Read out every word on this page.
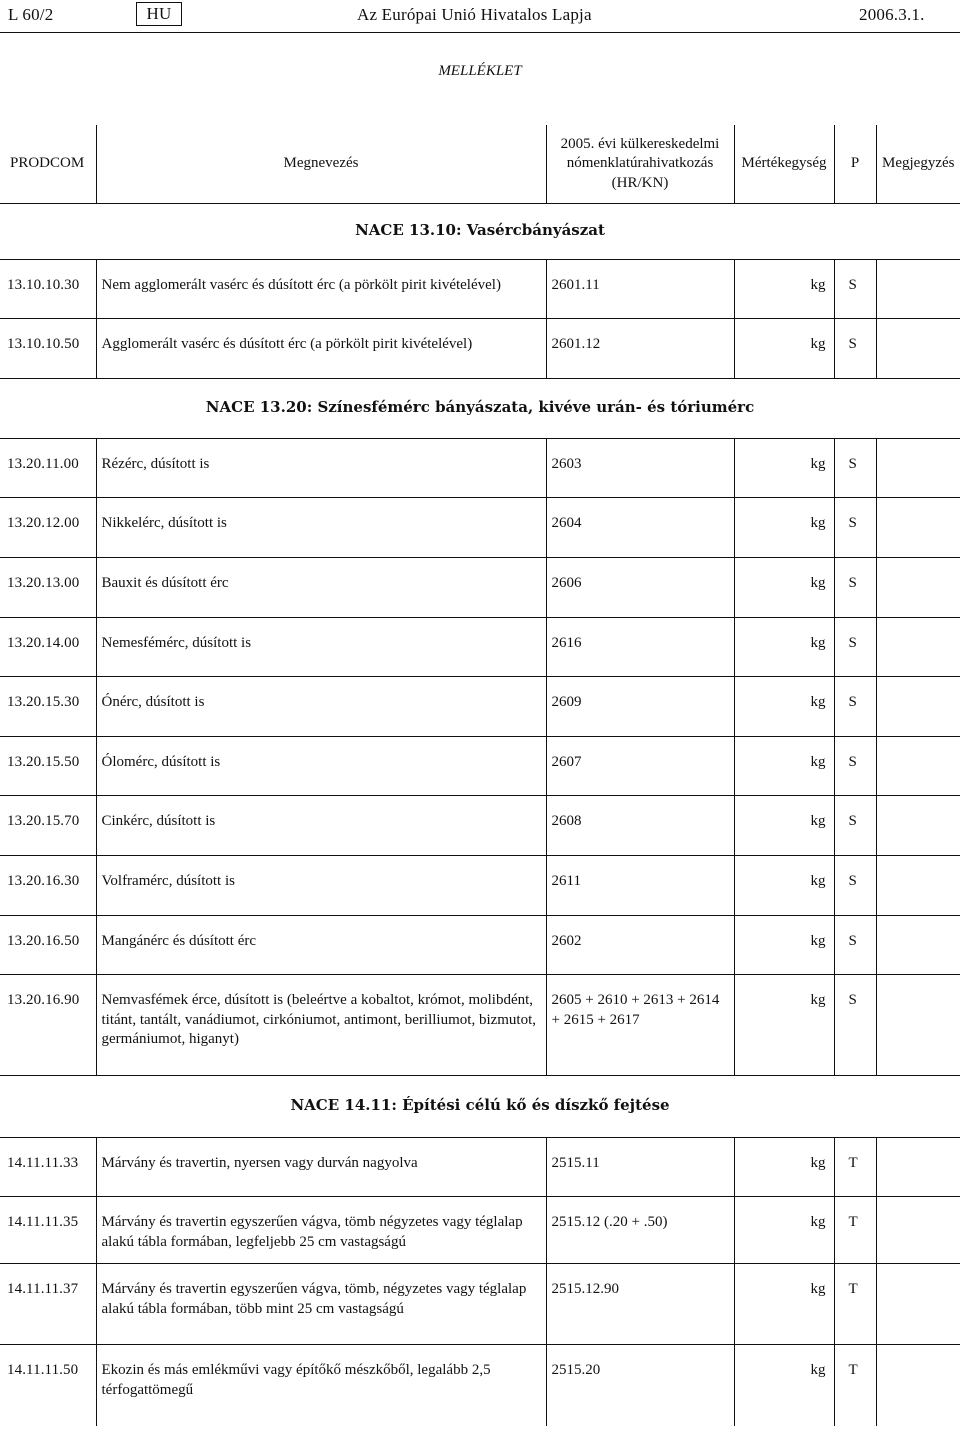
L 60/2	HU	Az Európai Unió Hivatalos Lapja	2006.3.1.
MELLÉKLET
PRODCOM	Megnevezés	2005. évi külkereskedelmi
nómenklatúrahivatkozás
(HR/KN)	Mértékegység	P	Megjegyzés
NACE 13.10: Vasércbányászat					
13.10.10.30	Nem agglomerált vasérc és dúsított érc (a pörkölt pirit kivételével)	2601.11	kg	S	
13.10.10.50	Agglomerált vasérc és dúsított érc (a pörkölt pirit kivételével)	2601.12	kg	S	
NACE 13.20: Színesfémérc bányászata, kivéve urán- és tóriumérc					
13.20.11.00	Rézérc, dúsított is	2603	kg	S	
13.20.12.00	Nikkelérc, dúsított is	2604	kg	S	
13.20.13.00	Bauxit és dúsított érc	2606	kg	S	
13.20.14.00	Nemesfémérc, dúsított is	2616	kg	S	
13.20.15.30	Ónérc, dúsított is	2609	kg	S	
13.20.15.50	Ólomérc, dúsított is	2607	kg	S	
13.20.15.70	Cinkérc, dúsított is	2608	kg	S	
13.20.16.30	Volframérc, dúsított is	2611	kg	S	
13.20.16.50	Mangánérc és dúsított érc	2602	kg	S	
13.20.16.90	Nemvasfémek érce, dúsított is (beleértve a kobaltot, krómot, molibdént, titánt, tantált, vanádiumot, cirkóniumot, antimont, berilliumot, bizmutot, germániumot, higanyt)	2605 + 2610 + 2613 + 2614 + 2615 + 2617	kg	S	
NACE 14.11: Építési célú kő és díszkő fejtése					
14.11.11.33	Márvány és travertin, nyersen vagy durván nagyolva	2515.11	kg	T	
14.11.11.35	Márvány és travertin egyszerűen vágva, tömb négyzetes vagy téglalap alakú tábla formában, legfeljebb 25 cm vastagságú	2515.12 (.20 + .50)	kg	T	
14.11.11.37	Márvány és travertin egyszerűen vágva, tömb, négyzetes vagy téglalap alakú tábla formában, több mint 25 cm vastagságú	2515.12.90	kg	T	
14.11.11.50	Ekozin és más emlékművi vagy építőkő mészkőből, legalább 2,5 térfogattömegű	2515.20	kg	T	
